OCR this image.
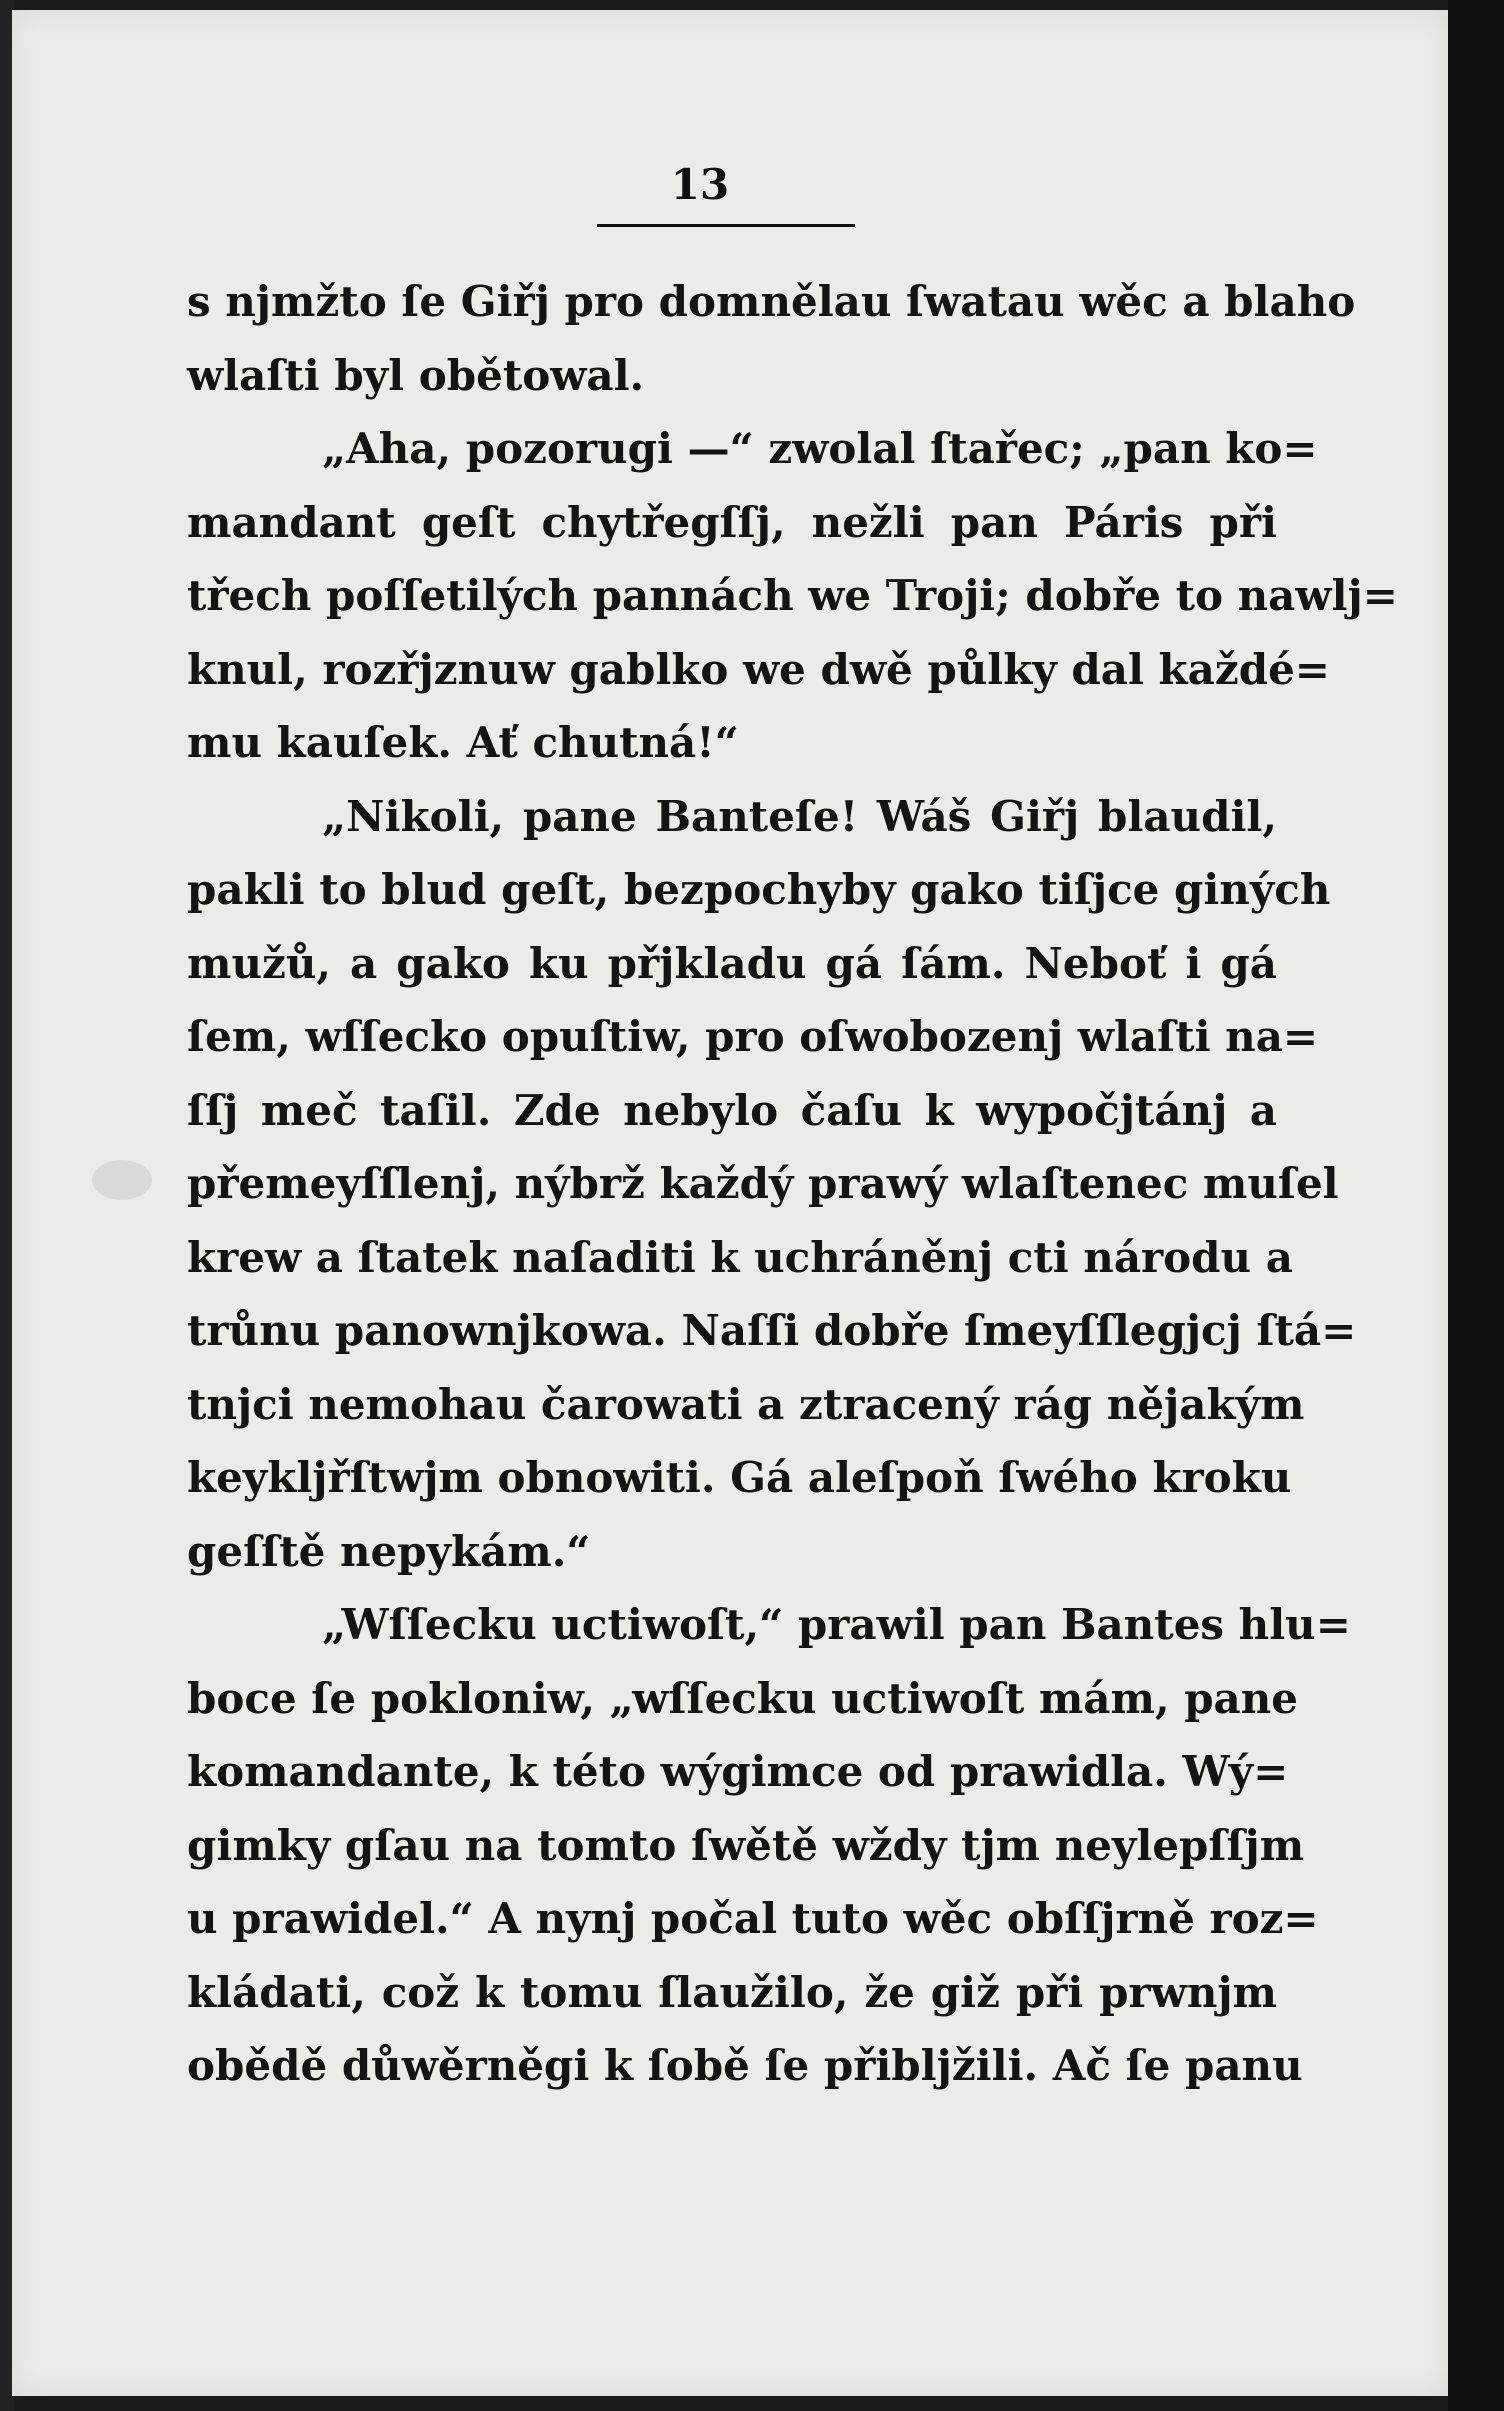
13
s njmžto ſe Giřj pro domnělau ſwatau wěc a blaho
wlaſti byl obětowal.
„Aha, pozorugi —“ zwolal ſtařec; „pan ko=
mandant geſt chytřegſſj, nežli pan Páris při
třech poſſetilých pannách we Troji; dobře to nawlj=
knul, rozřjznuw gablko we dwě půlky dal každé=
mu kauſek. Ať chutná!“
„Nikoli, pane Banteſe! Wáš Giřj blaudil,
pakli to blud geſt, bezpochyby gako tiſjce giných
mužů, a gako ku přjkladu gá ſám. Neboť i gá
ſem, wſſecko opuſtiw, pro oſwobozenj wlaſti na=
ſſj meč taſil. Zde nebylo čaſu k wypočjtánj a
přemeyſſlenj, nýbrž každý prawý wlaſtenec muſel
krew a ſtatek naſaditi k uchráněnj cti národu a
trůnu panownjkowa. Naſſi dobře ſmeyſſlegjcj ſtá=
tnjci nemohau čarowati a ztracený rág nějakým
keyklјřſtwjm obnowiti. Gá aleſpoň ſwého kroku
geſſtě nepykám.“
„Wſſecku uctiwoſt,“ prawil pan Bantes hlu=
boce ſe pokloniw, „wſſecku uctiwoſt mám, pane
komandante, k této wýgimce od prawidla. Wý=
gimky gſau na tomto ſwětě wždy tjm neylepſſjm
u prawidel.“ A nynj počal tuto wěc obſſjrně roz=
kládati, což k tomu ſlaužilo, že giž při prwnjm
obědě důwěrněgi k ſobě ſe přibljžili. Ač ſe panu
